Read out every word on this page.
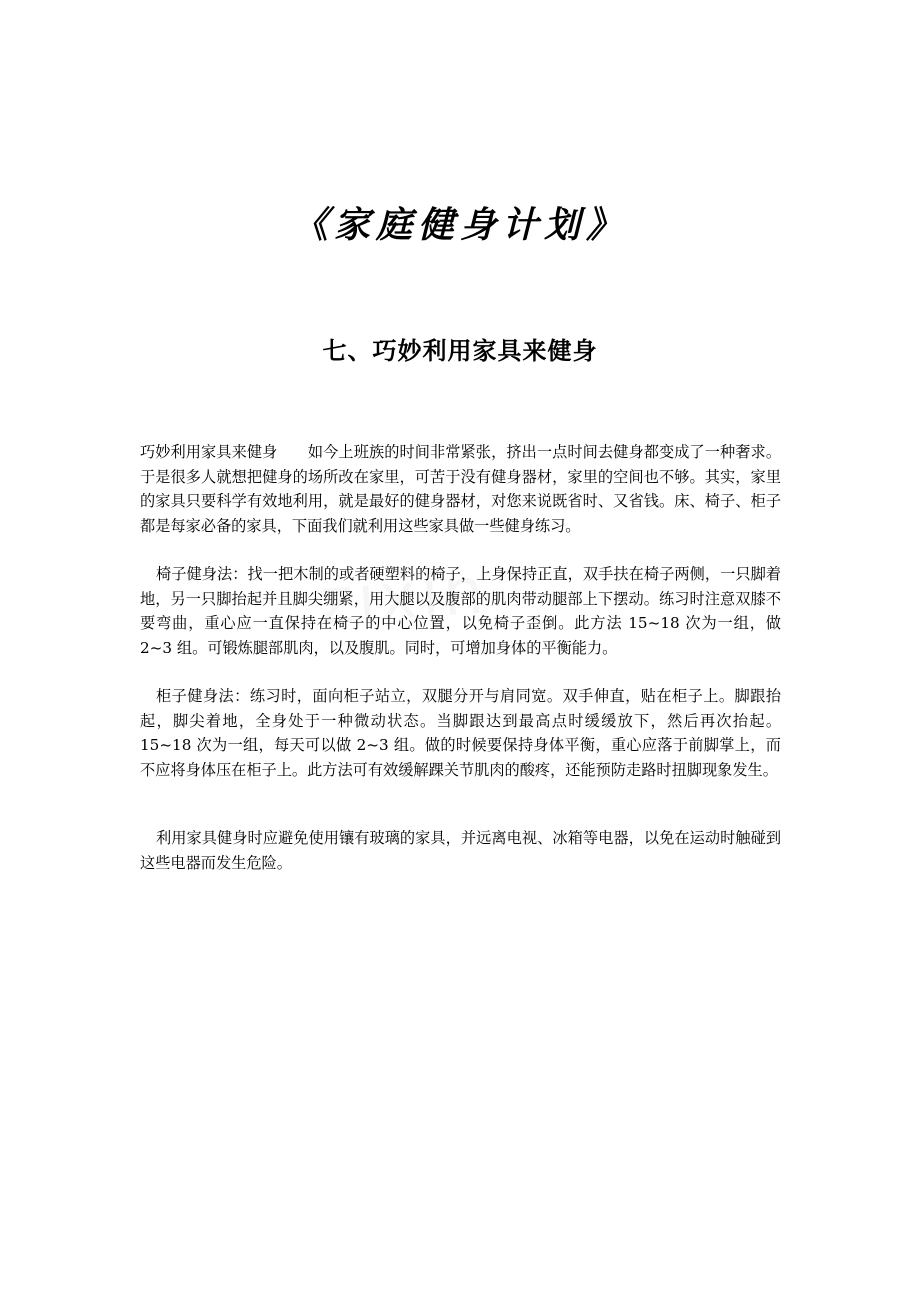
《家庭健身计划》
七、巧妙利用家具来健身

巧妙利用家具来健身　　如今上班族的时间非常紧张，挤出一点时间去健身都变成了一种奢求。于是很多人就想把健身的场所改在家里，可苦于没有健身器材，家里的空间也不够。其实，家里的家具只要科学有效地利用，就是最好的健身器材，对您来说既省时、又省钱。床、椅子、柜子都是每家必备的家具，下面我们就利用这些家具做一些健身练习。

椅子健身法：找一把木制的或者硬塑料的椅子，上身保持正直，双手扶在椅子两侧，一只脚着地，另一只脚抬起并且脚尖绷紧，用大腿以及腹部的肌肉带动腿部上下摆动。练习时注意双膝不要弯曲，重心应一直保持在椅子的中心位置，以免椅子歪倒。此方法 15~18 次为一组，做 2~3 组。可锻炼腿部肌肉，以及腹肌。同时，可增加身体的平衡能力。

柜子健身法：练习时，面向柜子站立，双腿分开与肩同宽。双手伸直，贴在柜子上。脚跟抬起，脚尖着地，全身处于一种微动状态。当脚跟达到最高点时缓缓放下，然后再次抬起。15~18 次为一组，每天可以做 2~3 组。做的时候要保持身体平衡，重心应落于前脚掌上，而不应将身体压在柜子上。此方法可有效缓解踝关节肌肉的酸疼，还能预防走路时扭脚现象发生。

利用家具健身时应避免使用镶有玻璃的家具，并远离电视、冰箱等电器，以免在运动时触碰到这些电器而发生危险。
